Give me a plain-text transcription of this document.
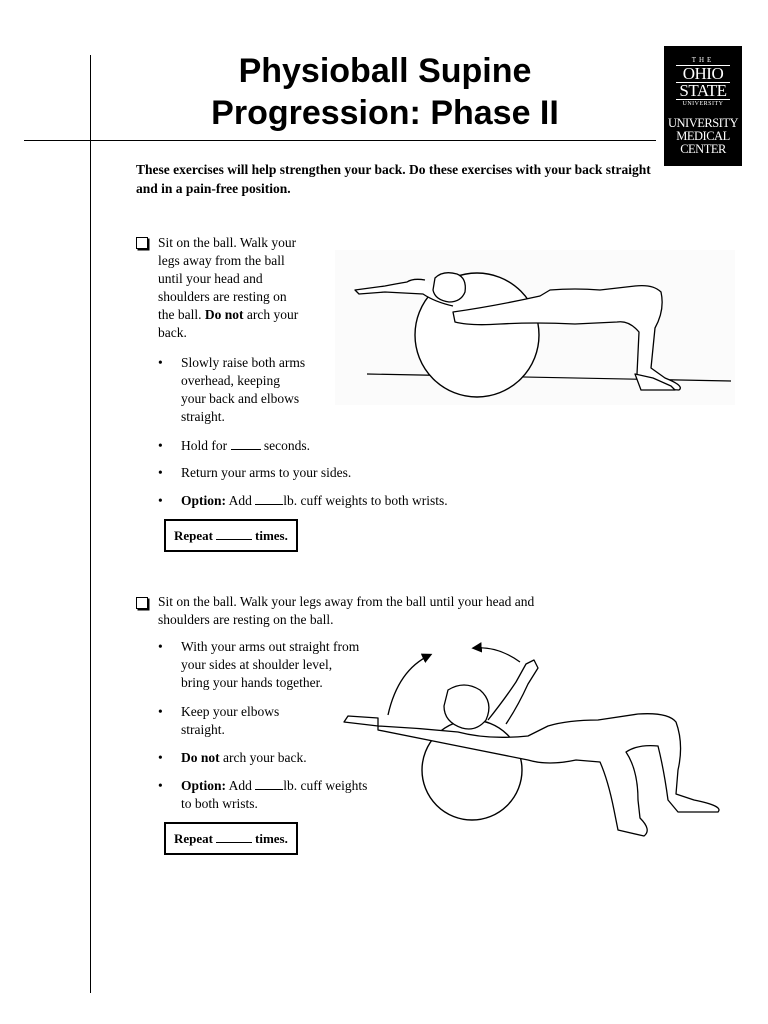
Physioball Supine
Progression: Phase II
THE
OHIO
STATE
UNIVERSITY
UNIVERSITY
MEDICAL
CENTER
These exercises will help strengthen your back. Do these exercises with your back straight and in a pain-free position.
Sit on the ball. Walk your
legs away from the ball
until your head and
shoulders are resting on
the ball. Do not arch your
back.
• Slowly raise both arms
overhead, keeping
your back and elbows
straight.
• Hold for	seconds.
• Return your arms to your sides.
• Option: Add lb. cuff weights to both wrists.
Repeat	times.
Sit on the ball. Walk your legs away from the ball until your head and
shoulders are resting on the ball.
• With your arms out straight from
your sides at shoulder level,
bring your hands together.
• Keep your elbows
straight.
• Do not arch your back.
• Option: Add lb. cuff weights
to both wrists.
Repeat	times.
